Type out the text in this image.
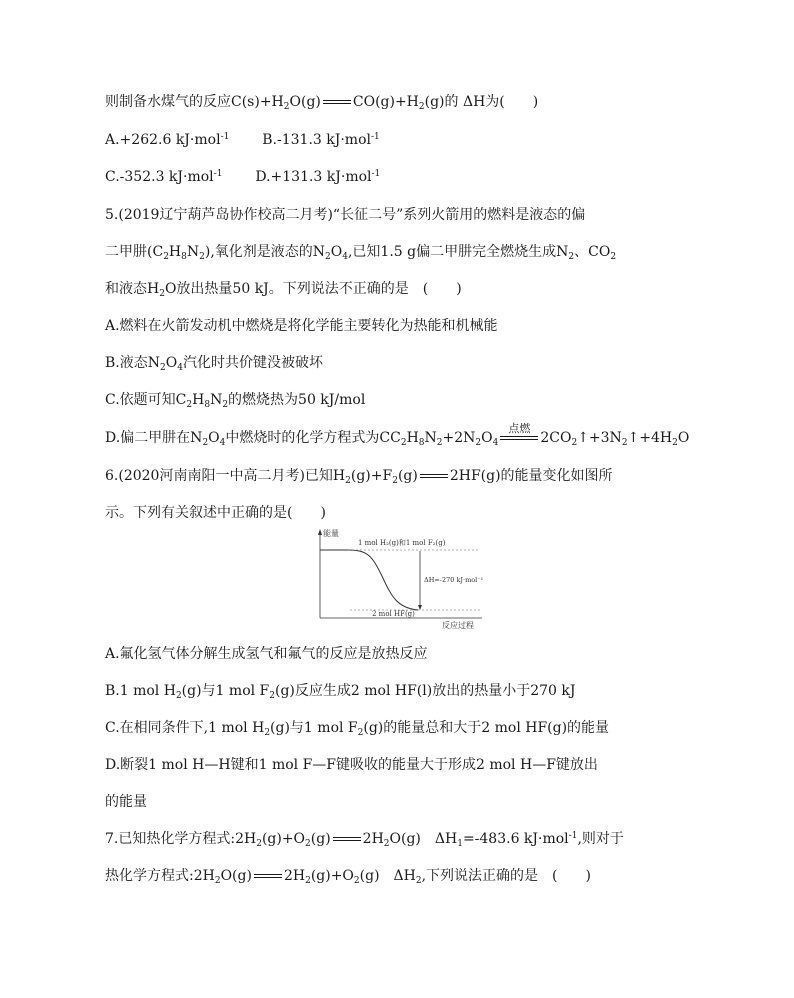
则制备水煤气的反应$C(s)+H_2O(g)$ $CO(g)+H_2(g)$的 ΔH为(　　)
A.+262.6 kJ·mol$^{-1}$ B.-131.3 kJ·mol$^{-1}$
C.-352.3 kJ·mol$^{-1}$ D.+131.3 kJ·mol$^{-1}$
5.(2019辽宁葫芦岛协作校高二月考)“长征二号”系列火箭用的燃料是液态的偏
二甲肼$(C_2H_8N_2)$,氧化剂是液态的$N_2O_4$,已知1.5 g偏二甲肼完全燃烧生成$N_2$、$CO_2$
和液态$H_2O$放出热量50 kJ。下列说法不正确的是　(　　)
A.燃料在火箭发动机中燃烧是将化学能主要转化为热能和机械能
B.液态$N_2O_4$汽化时共价键没被破坏
C.依题可知$C_2H_8N_2$的燃烧热为50 kJ/mol
D.偏二甲肼在$N_2O_4$中燃烧时的化学方程式为$CC_2H_8N_2+2N_2O_4$
点燃
$2CO_2↑+3N_2↑+4H_2O$
6.(2020河南南阳一中高二月考)已知$H_2(g)+F_2(g)$ 2HF(g)的能量变化如图所
示。下列有关叙述中正确的是(　　)
能量
反应过程
1 mol H₂(g)和1 mol F₂(g)
2 mol HF(g)
ΔH=-270 kJ·mol⁻¹
A.氟化氢气体分解生成氢气和氟气的反应是放热反应
B.1 mol $H_2(g)$与1 mol $F_2(g)$反应生成2 mol HF(l)放出的热量小于270 kJ
C.在相同条件下,1 mol $H_2(g)$与1 mol $F_2(g)$的能量总和大于2 mol HF(g)的能量
D.断裂1 mol H—H键和1 mol F—F键吸收的能量大于形成2 mol H—F键放出
的能量
7.已知热化学方程式$:2H_2(g)+O_2(g)$ $2H_2O(g)$　$\Delta H_1=-483.6$ kJ·mol$^{-1}$,则对于
热化学方程式$:2H_2O(g)$ $2H_2(g)+O_2(g)$　$\Delta H_2$,下列说法正确的是　(　　)
